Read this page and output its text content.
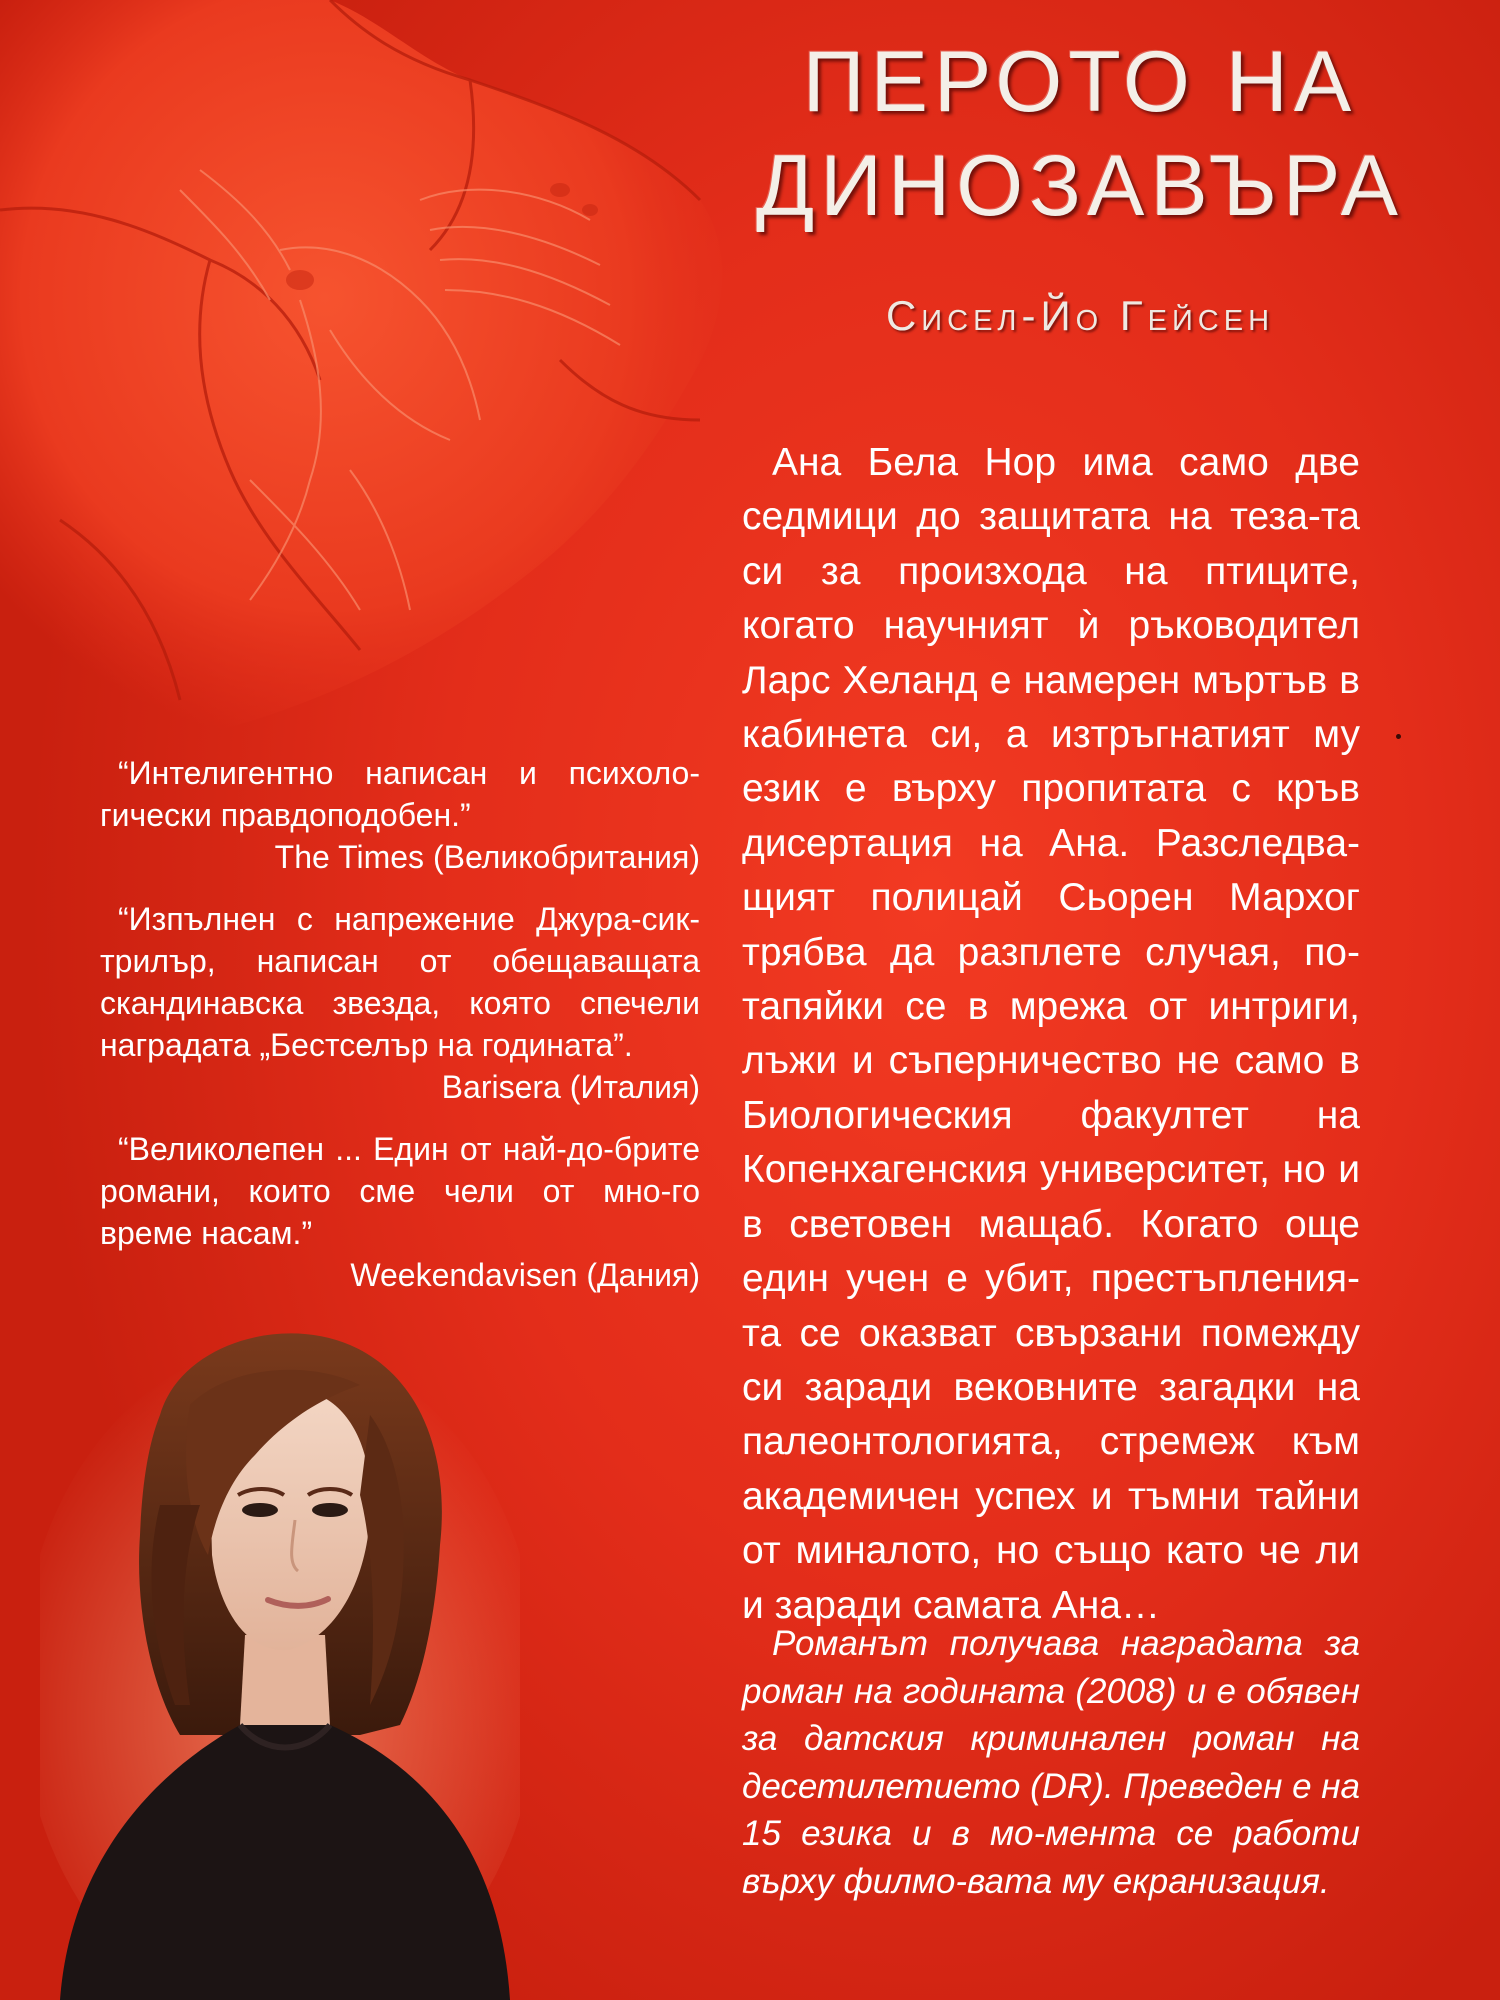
ПЕРОТО НА
ДИНОЗАВЪРА
Сисел-Йо Гейсен

Ана Бела Нор има само две седмици до защитата на теза-та си за произхода на птиците, когато научният ѝ ръководител Ларс Хеланд е намерен мъртъв в кабинета си, а изтръгнатият му език е върху пропитата с кръв дисертация на Ана. Разследва-щият полицай Сьорен Мархог трябва да разплете случая, по-тапяйки се в мрежа от интриги, лъжи и съперничество не само в Биологическия факултет на Копенхагенския университет, но и в световен мащаб. Когато още един учен е убит, престъпления-та се оказват свързани помежду си заради вековните загадки на палеонтологията, стремеж към академичен успех и тъмни тайни от миналото, но също като че ли и заради самата Ана…

Романът получава наградата за роман на годината (2008) и е обявен за датския криминален роман на десетилетието (DR). Преведен е на 15 езика и в мо-мента се работи върху филмо-вата му екранизация.

“Интелигентно написан и психоло-гически правдоподобен.”
The Times (Великобритания)
“Изпълнен с напрежение Джура-сик-трилър, написан от обещаващата скандинавска звезда, която спечели наградата „Бестселър на годината”.
Barisera (Италия)
“Великолепен ... Един от най-до-брите романи, които сме чели от мно-го време насам.”
Weekendavisen (Дания)
